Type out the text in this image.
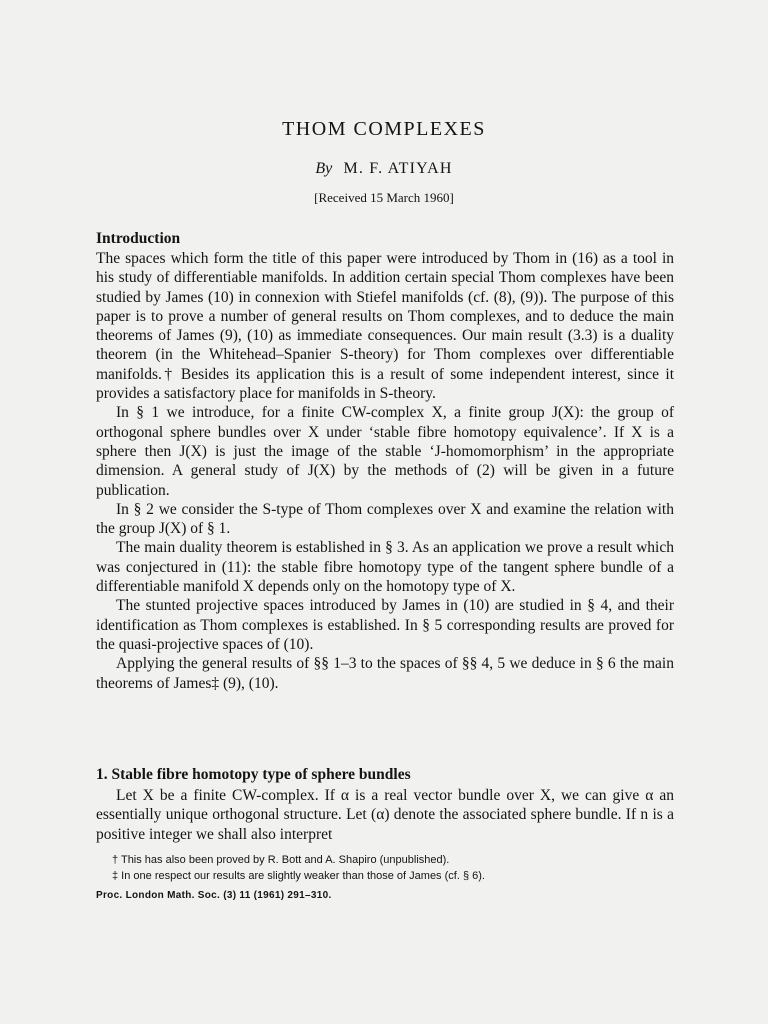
THOM COMPLEXES
By M. F. ATIYAH
[Received 15 March 1960]
Introduction

The spaces which form the title of this paper were introduced by Thom in (16) as a tool in his study of differentiable manifolds. In addition certain special Thom complexes have been studied by James (10) in connexion with Stiefel manifolds (cf. (8), (9)). The purpose of this paper is to prove a number of general results on Thom complexes, and to deduce the main theorems of James (9), (10) as immediate consequences. Our main result (3.3) is a duality theorem (in the Whitehead–Spanier S-theory) for Thom complexes over differentiable manifolds.† Besides its application this is a result of some independent interest, since it provides a satisfactory place for manifolds in S-theory.

In § 1 we introduce, for a finite CW-complex X, a finite group J(X): the group of orthogonal sphere bundles over X under ‘stable fibre homotopy equivalence’. If X is a sphere then J(X) is just the image of the stable ‘J-homomorphism’ in the appropriate dimension. A general study of J(X) by the methods of (2) will be given in a future publication.

In § 2 we consider the S-type of Thom complexes over X and examine the relation with the group J(X) of § 1.

The main duality theorem is established in § 3. As an application we prove a result which was conjectured in (11): the stable fibre homotopy type of the tangent sphere bundle of a differentiable manifold X depends only on the homotopy type of X.

The stunted projective spaces introduced by James in (10) are studied in § 4, and their identification as Thom complexes is established. In § 5 corresponding results are proved for the quasi-projective spaces of (10).

Applying the general results of §§ 1–3 to the spaces of §§ 4, 5 we deduce in § 6 the main theorems of James‡ (9), (10).

1. Stable fibre homotopy type of sphere bundles

Let X be a finite CW-complex. If α is a real vector bundle over X, we can give α an essentially unique orthogonal structure. Let (α) denote the associated sphere bundle. If n is a positive integer we shall also interpret

† This has also been proved by R. Bott and A. Shapiro (unpublished).
‡ In one respect our results are slightly weaker than those of James (cf. § 6).
Proc. London Math. Soc. (3) 11 (1961) 291–310.
